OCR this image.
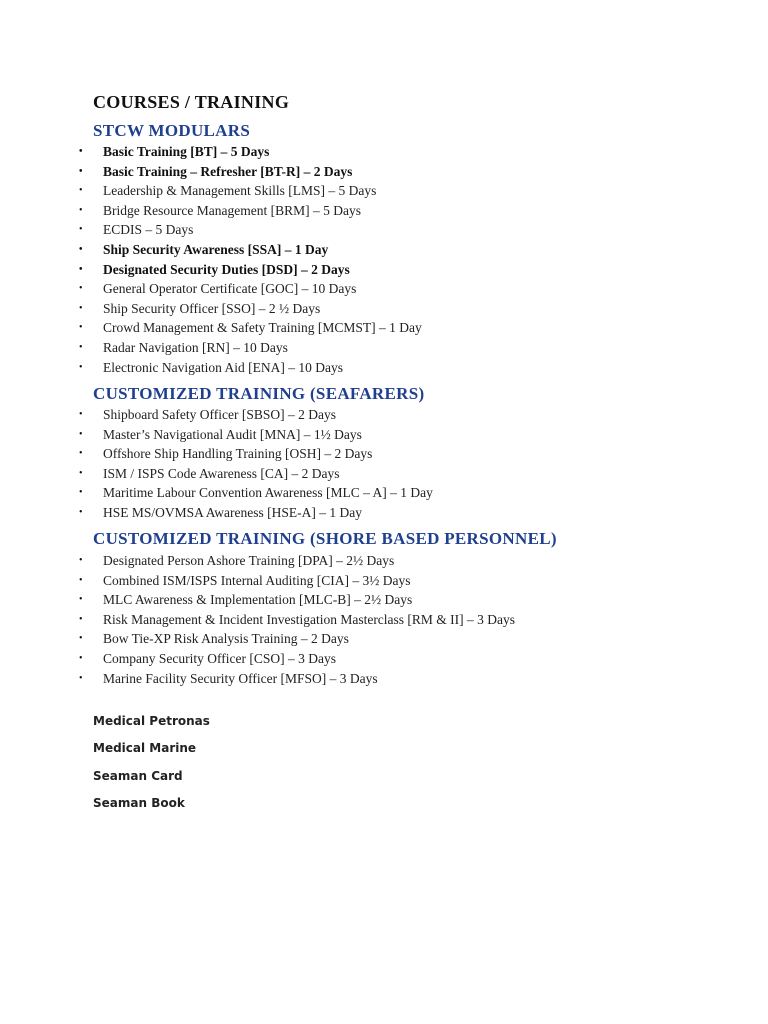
COURSES / TRAINING
STCW MODULARS
• Basic Training [BT] – 5 Days
• Basic Training – Refresher [BT-R] – 2 Days
• Leadership & Management Skills [LMS] – 5 Days
• Bridge Resource Management [BRM] – 5 Days
• ECDIS – 5 Days
• Ship Security Awareness [SSA] – 1 Day
• Designated Security Duties [DSD] – 2 Days
• General Operator Certificate [GOC] – 10 Days
• Ship Security Officer [SSO] – 2 ½ Days
• Crowd Management & Safety Training [MCMST] – 1 Day
• Radar Navigation [RN] – 10 Days
• Electronic Navigation Aid [ENA] – 10 Days
CUSTOMIZED TRAINING (SEAFARERS)
• Shipboard Safety Officer [SBSO] – 2 Days
• Master’s Navigational Audit [MNA] – 1½ Days
• Offshore Ship Handling Training [OSH] – 2 Days
• ISM / ISPS Code Awareness [CA] – 2 Days
• Maritime Labour Convention Awareness [MLC – A] – 1 Day
• HSE MS/OVMSA Awareness [HSE-A] – 1 Day
CUSTOMIZED TRAINING (SHORE BASED PERSONNEL)
• Designated Person Ashore Training [DPA] – 2½ Days
• Combined ISM/ISPS Internal Auditing [CIA] – 3½ Days
• MLC Awareness & Implementation [MLC-B] – 2½ Days
• Risk Management & Incident Investigation Masterclass [RM & II] – 3 Days
• Bow Tie-XP Risk Analysis Training – 2 Days
• Company Security Officer [CSO] – 3 Days
• Marine Facility Security Officer [MFSO] – 3 Days
Medical Petronas
Medical Marine
Seaman Card
Seaman Book
